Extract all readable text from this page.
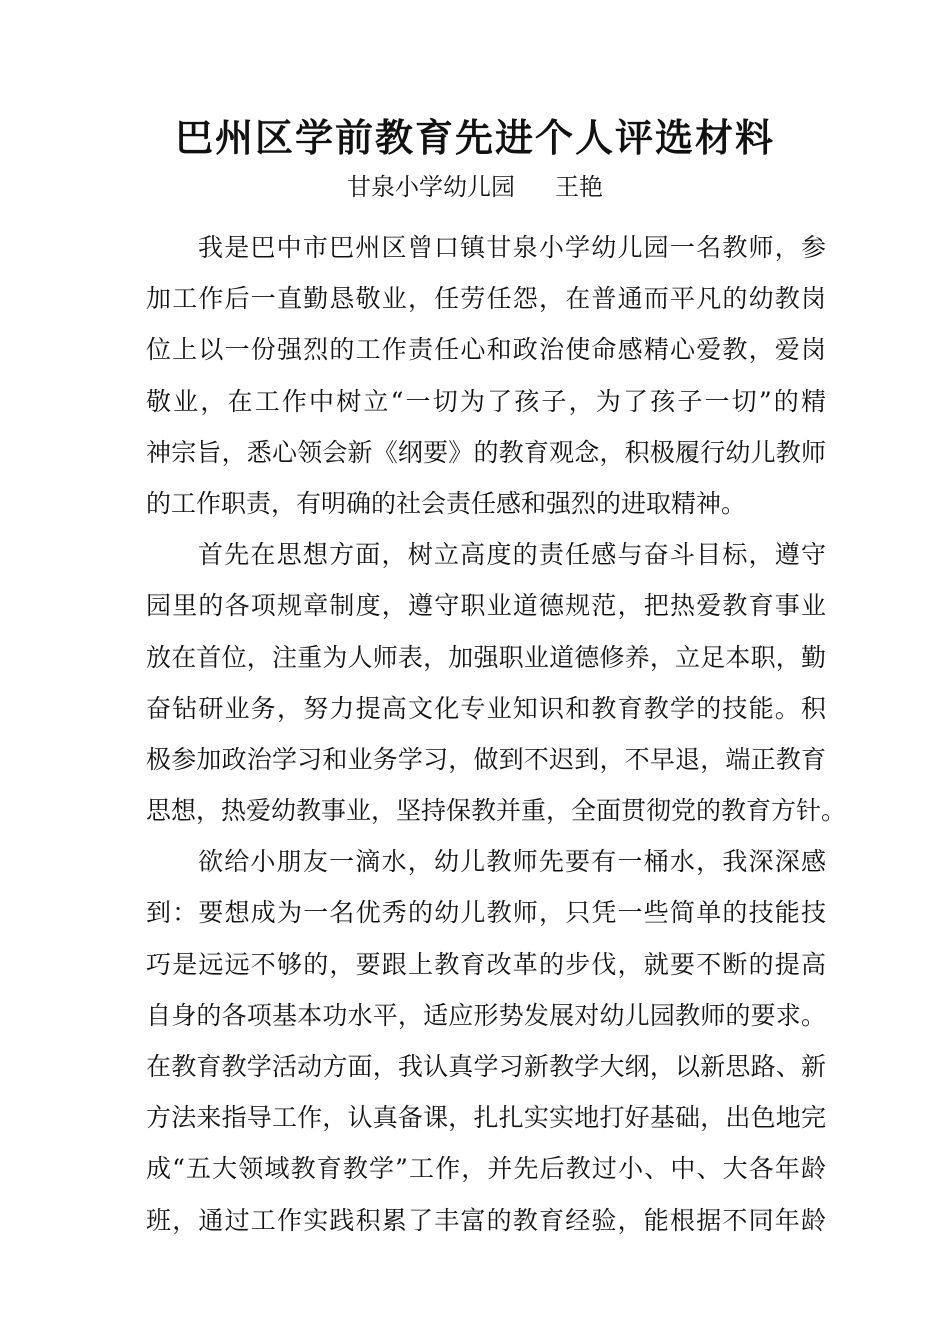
巴州区学前教育先进个人评选材料
甘泉小学幼儿园 王艳
我是巴中市巴州区曾口镇甘泉小学幼儿园一名教师，参
加工作后一直勤恳敬业，任劳任怨，在普通而平凡的幼教岗
位上以一份强烈的工作责任心和政治使命感精心爱教，爱岗
敬业，在工作中树立“一切为了孩子，为了孩子一切”的精
神宗旨，悉心领会新《纲要》的教育观念，积极履行幼儿教师
的工作职责，有明确的社会责任感和强烈的进取精神。
首先在思想方面，树立高度的责任感与奋斗目标，遵守
园里的各项规章制度，遵守职业道德规范，把热爱教育事业
放在首位，注重为人师表，加强职业道德修养，立足本职，勤
奋钻研业务，努力提高文化专业知识和教育教学的技能。积
极参加政治学习和业务学习，做到不迟到，不早退，端正教育
思想，热爱幼教事业，坚持保教并重，全面贯彻党的教育方针。
欲给小朋友一滴水，幼儿教师先要有一桶水，我深深感
到：要想成为一名优秀的幼儿教师，只凭一些简单的技能技
巧是远远不够的，要跟上教育改革的步伐，就要不断的提高
自身的各项基本功水平，适应形势发展对幼儿园教师的要求。
在教育教学活动方面，我认真学习新教学大纲，以新思路、新
方法来指导工作，认真备课，扎扎实实地打好基础，出色地完
成“五大领域教育教学”工作，并先后教过小、中、大各年龄
班，通过工作实践积累了丰富的教育经验，能根据不同年龄
